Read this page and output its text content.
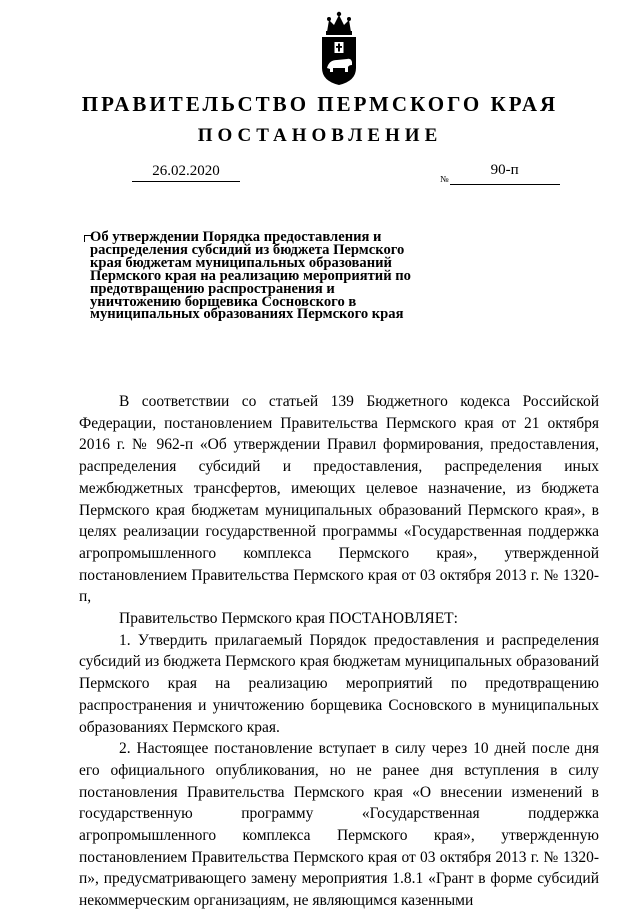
ПРАВИТЕЛЬСТВО ПЕРМСКОГО КРАЯ
ПОСТАНОВЛЕНИЕ
26.02.2020	№
90-п
Об утверждении Порядка предоставления и распределения субсидий из бюджета Пермского края бюджетам муниципальных образований Пермского края на реализацию мероприятий по предотвращению распространения и уничтожению борщевика Сосновского в муниципальных образованиях Пермского края

В соответствии со статьей 139 Бюджетного кодекса Российской Федерации, постановлением Правительства Пермского края от 21 октября 2016 г. № 962-п «Об утверждении Правил формирования, предоставления, распределения субсидий и предоставления, распределения иных межбюджетных трансфертов, имеющих целевое назначение, из бюджета Пермского края бюджетам муниципальных образований Пермского края», в целях реализации государственной программы «Государственная поддержка агропромышленного комплекса Пермского края», утвержденной постановлением Правительства Пермского края от 03 октября 2013 г. № 1320-п,

Правительство Пермского края ПОСТАНОВЛЯЕТ:

1. Утвердить прилагаемый Порядок предоставления и распределения субсидий из бюджета Пермского края бюджетам муниципальных образований Пермского края на реализацию мероприятий по предотвращению распространения и уничтожению борщевика Сосновского в муниципальных образованиях Пермского края.

2. Настоящее постановление вступает в силу через 10 дней после дня его официального опубликования, но не ранее дня вступления в силу постановления Правительства Пермского края «О внесении изменений в государственную программу «Государственная поддержка агропромышленного комплекса Пермского края», утвержденную постановлением Правительства Пермского края от 03 октября 2013 г. № 1320-п», предусматривающего замену мероприятия 1.8.1 «Грант в форме субсидий некоммерческим организациям, не являющимся казенными
